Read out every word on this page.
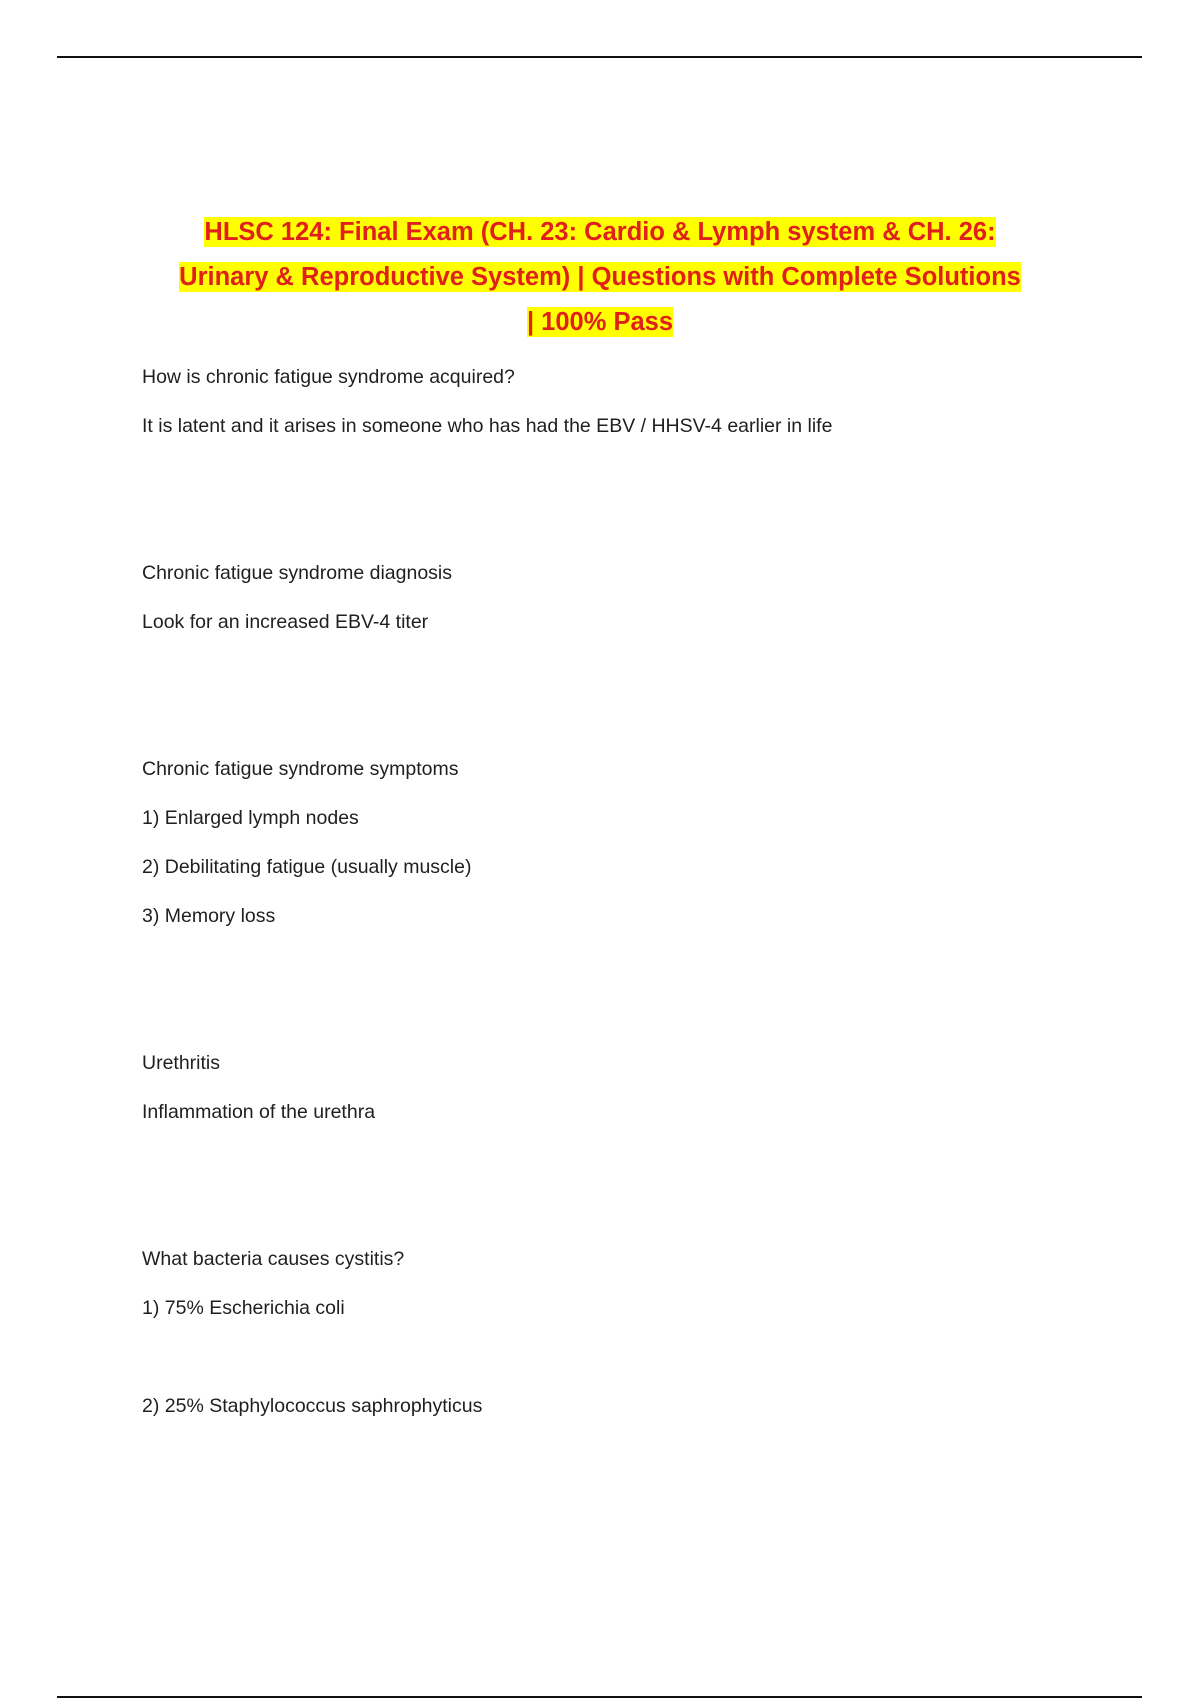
HLSC 124: Final Exam (CH. 23: Cardio & Lymph system & CH. 26:
Urinary & Reproductive System) | Questions with Complete Solutions
| 100% Pass
How is chronic fatigue syndrome acquired?
It is latent and it arises in someone who has had the EBV / HHSV-4 earlier in life
Chronic fatigue syndrome diagnosis
Look for an increased EBV-4 titer
Chronic fatigue syndrome symptoms
1) Enlarged lymph nodes
2) Debilitating fatigue (usually muscle)
3) Memory loss
Urethritis
Inflammation of the urethra
What bacteria causes cystitis?
1) 75% Escherichia coli
2) 25% Staphylococcus saphrophyticus
